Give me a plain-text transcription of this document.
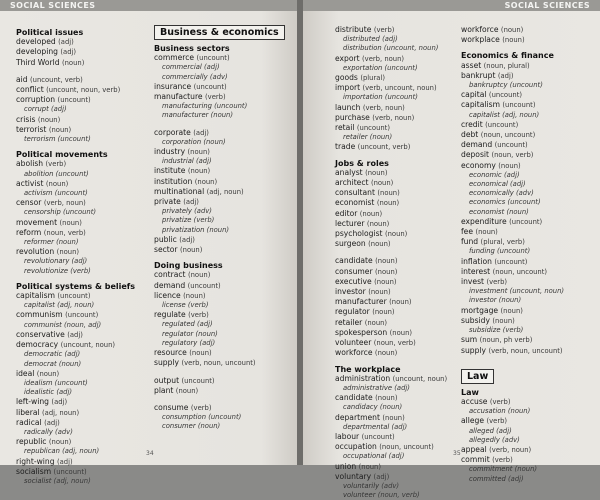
SOCIAL SCIENCES
Political issues
developed (adj)
developing (adj)
Third World (noun)
aid (uncount, verb)
conflict (uncount, noun, verb)
corruption (uncount)
corrupt (adj)
crisis (noun)
terrorist (noun)
terrorism (uncount)
Political movements
abolish (verb)
abolition (uncount)
activist (noun)
activism (uncount)
censor (verb, noun)
censorship (uncount)
movement (noun)
reform (noun, verb)
reformer (noun)
revolution (noun)
revolutionary (adj)
revolutionize (verb)
Political systems & beliefs
capitalism (uncount)
capitalist (adj, noun)
communism (uncount)
communist (noun, adj)
conservative (adj)
democracy (uncount, noun)
democratic (adj)
democrat (noun)
ideal (noun)
idealism (uncount)
idealistic (adj)
left-wing (adj)
liberal (adj, noun)
radical (adj)
radically (adv)
republic (noun)
republican (adj, noun)
right-wing (adj)
socialism (uncount)
socialist (adj, noun)
Business & economics
Business sectors
commerce (uncount)
commercial (adj)
commercially (adv)
insurance (uncount)
manufacture (verb)
manufacturing (uncount)
manufacturer (noun)
corporate (adj)
corporation (noun)
industry (noun)
industrial (adj)
institute (noun)
institution (noun)
multinational (adj, noun)
private (adj)
privately (adv)
privatize (verb)
privatization (noun)
public (adj)
sector (noun)
Doing business
contract (noun)
demand (uncount)
licence (noun)
license (verb)
regulate (verb)
regulated (adj)
regulator (noun)
regulatory (adj)
resource (noun)
supply (verb, noun, uncount)
output (uncount)
plant (noun)
consume (verb)
consumption (uncount)
consumer (noun)
34
SOCIAL SCIENCES
distribute (verb)
distributed (adj)
distribution (uncount, noun)
export (verb, noun)
exportation (uncount)
goods (plural)
import (verb, uncount, noun)
importation (uncount)
launch (verb, noun)
purchase (verb, noun)
retail (uncount)
retailer (noun)
trade (uncount, verb)
Jobs & roles
analyst (noun)
architect (noun)
consultant (noun)
economist (noun)
editor (noun)
lecturer (noun)
psychologist (noun)
surgeon (noun)
candidate (noun)
consumer (noun)
executive (noun)
investor (noun)
manufacturer (noun)
regulator (noun)
retailer (noun)
spokesperson (noun)
volunteer (noun, verb)
workforce (noun)
The workplace
administration (uncount, noun)
administrative (adj)
candidate (noun)
candidacy (noun)
department (noun)
departmental (adj)
labour (uncount)
occupation (noun, uncount)
occupational (adj)
union (noun)
voluntary (adj)
voluntarily (adv)
volunteer (noun, verb)
workforce (noun)
workplace (noun)
Economics & finance
asset (noun, plural)
bankrupt (adj)
bankruptcy (uncount)
capital (uncount)
capitalism (uncount)
capitalist (adj, noun)
credit (uncount)
debt (noun, uncount)
demand (uncount)
deposit (noun, verb)
economy (noun)
economic (adj)
economical (adj)
economically (adv)
economics (uncount)
economist (noun)
expenditure (uncount)
fee (noun)
fund (plural, verb)
funding (uncount)
inflation (uncount)
interest (noun, uncount)
invest (verb)
investment (uncount, noun)
investor (noun)
mortgage (noun)
subsidy (noun)
subsidize (verb)
sum (noun, ph verb)
supply (verb, noun, uncount)
Law
Law
accuse (verb)
accusation (noun)
allege (verb)
alleged (adj)
allegedly (adv)
appeal (verb, noun)
commit (verb)
commitment (noun)
committed (adj)
35
